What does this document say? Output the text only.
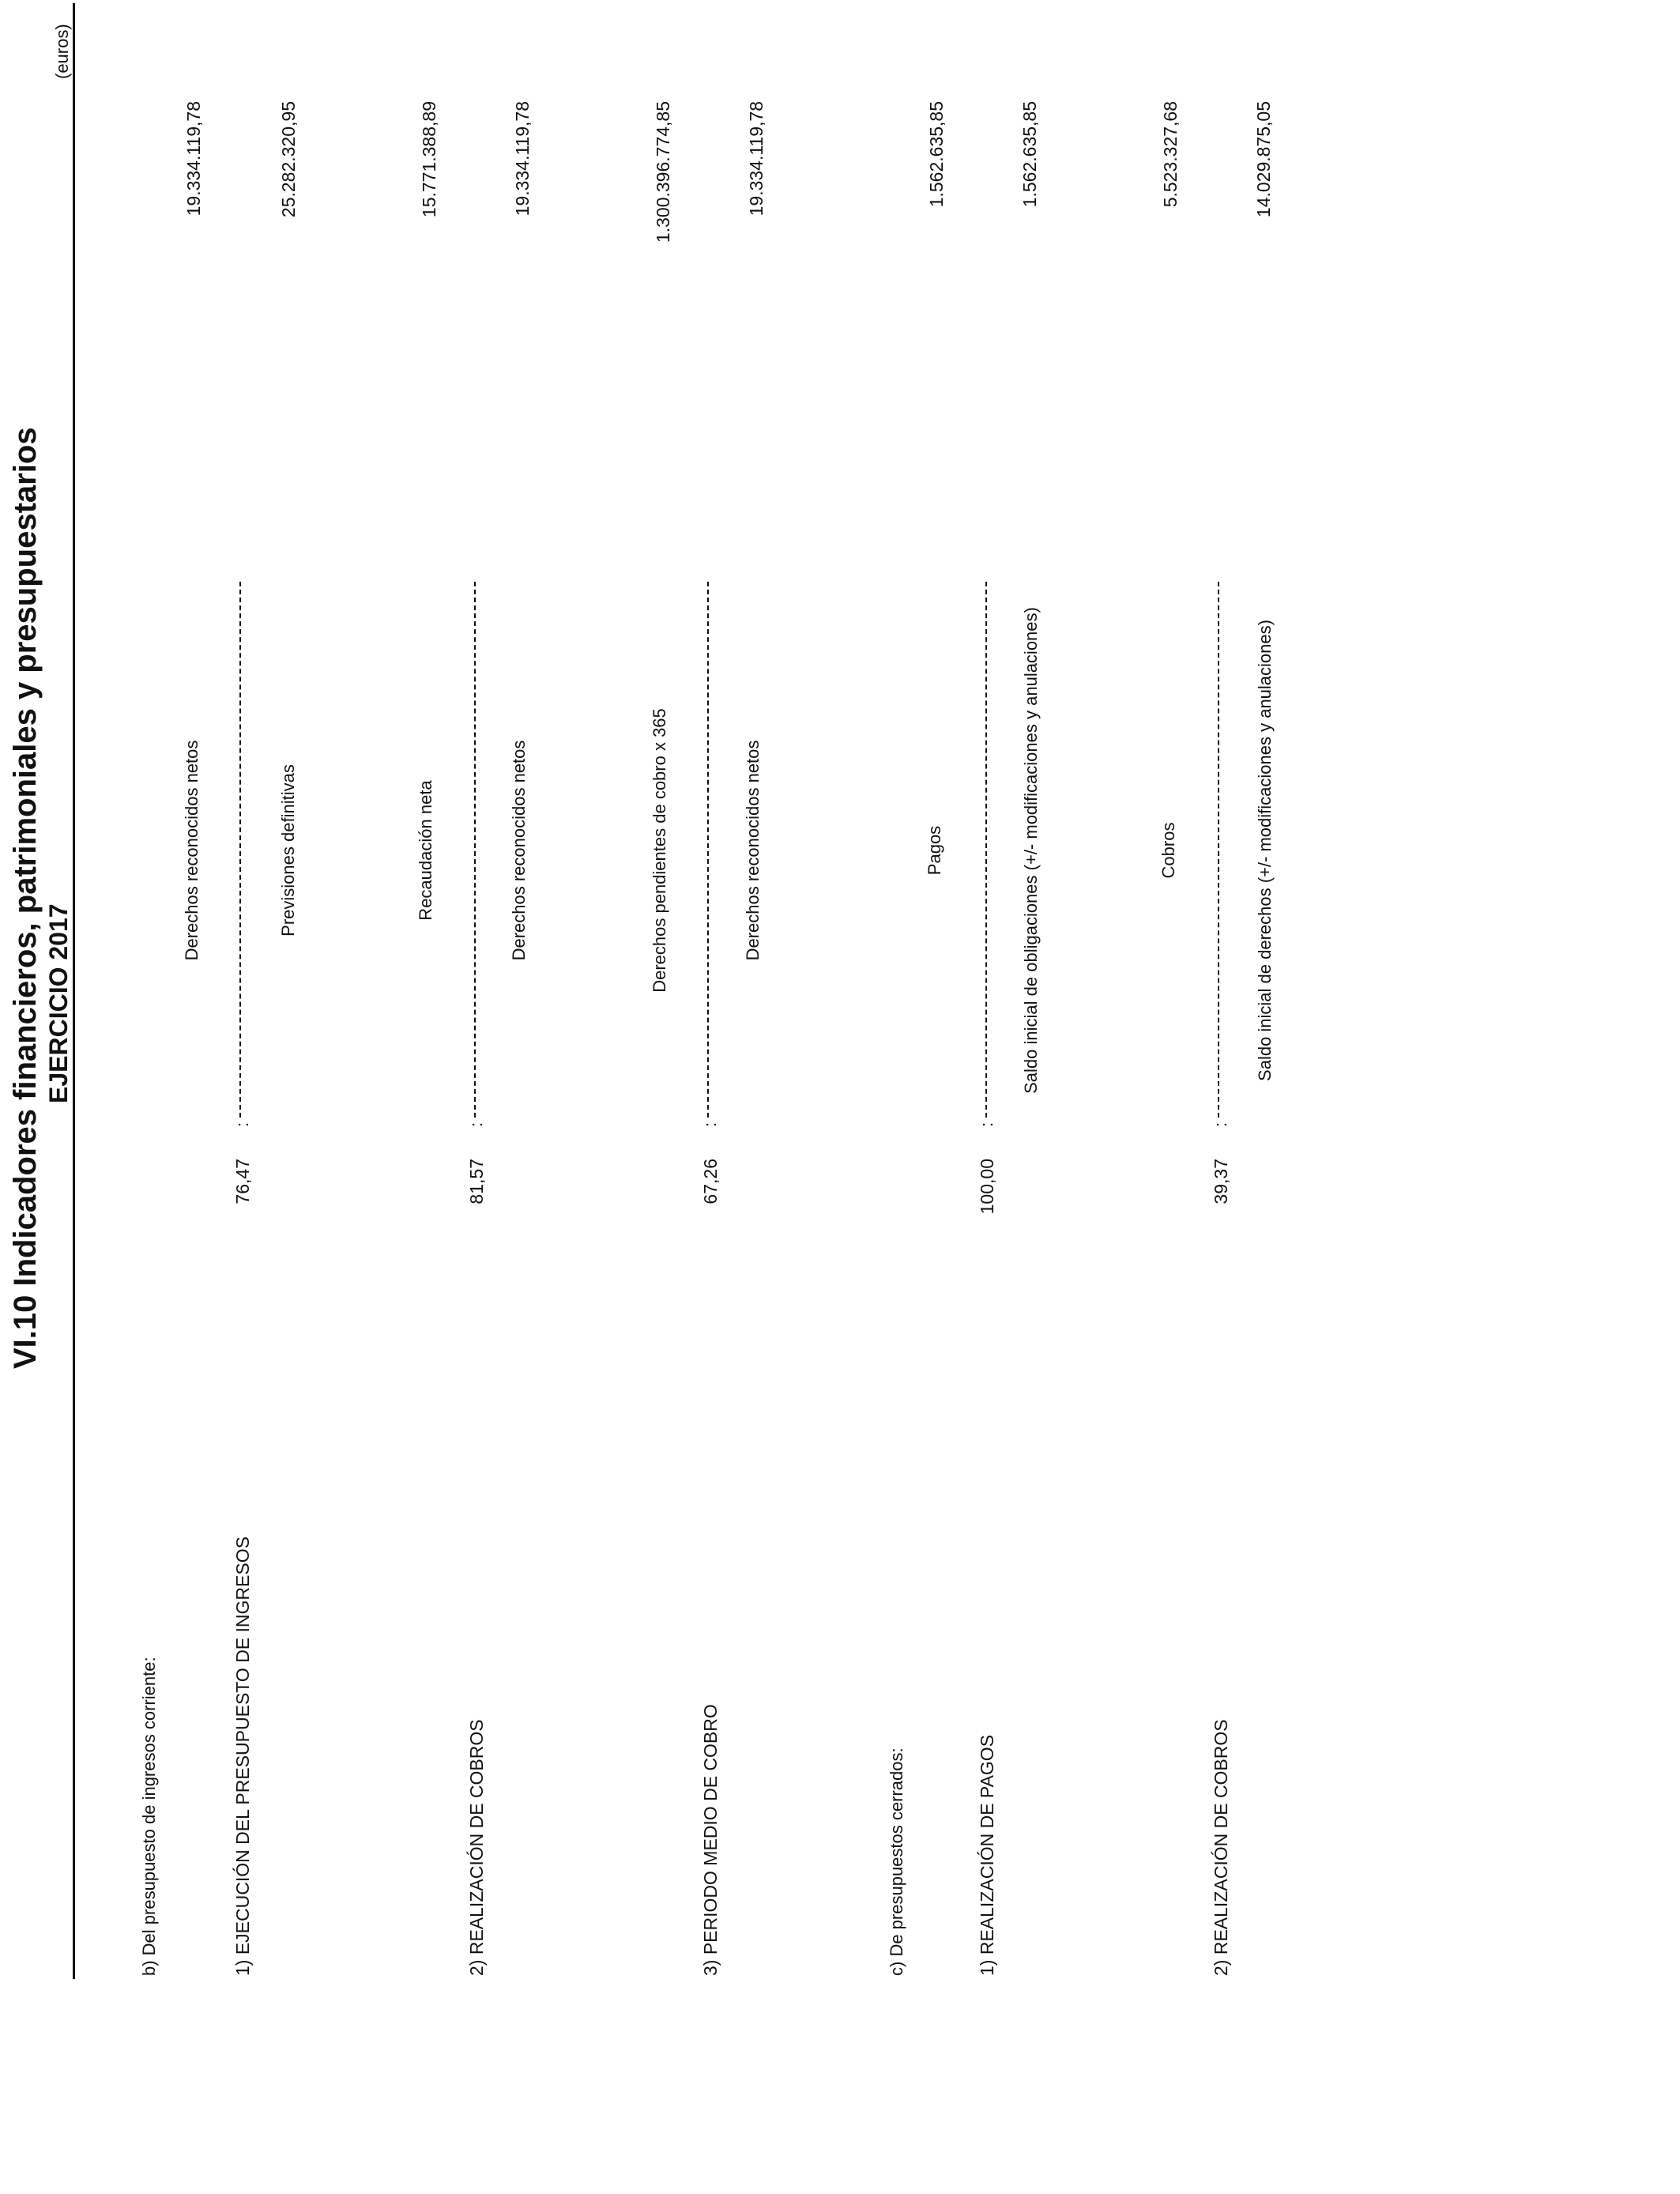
VI.10 Indicadores financieros, patrimoniales y presupuestarios EJERCICIO 2017
(euros)
b) Del presupuesto de ingresos corriente:	1) EJECUCIÓN DEL PRESUPUESTO DE INGRESOS
76,47
:
Derechos reconocidos netos	Previsiones definitivas
19.334.119,78	25.282.320,95
2) REALIZACIÓN DE COBROS
81,57
:
Recaudación neta	Derechos reconocidos netos
15.771.388,89	19.334.119,78
3) PERIODO MEDIO DE COBRO
67,26
:
Derechos pendientes de cobro x 365	Derechos reconocidos netos
1.300.396.774,85	19.334.119,78
c) De presupuestos cerrados:	1) REALIZACIÓN DE PAGOS
100,00
:
Pagos	Saldo inicial de obligaciones (+/- modificaciones y anulaciones)
1.562.635,85	1.562.635,85
2) REALIZACIÓN DE COBROS
39,37
:
Cobros	Saldo inicial de derechos (+/- modificaciones y anulaciones)
5.523.327,68	14.029.875,05
